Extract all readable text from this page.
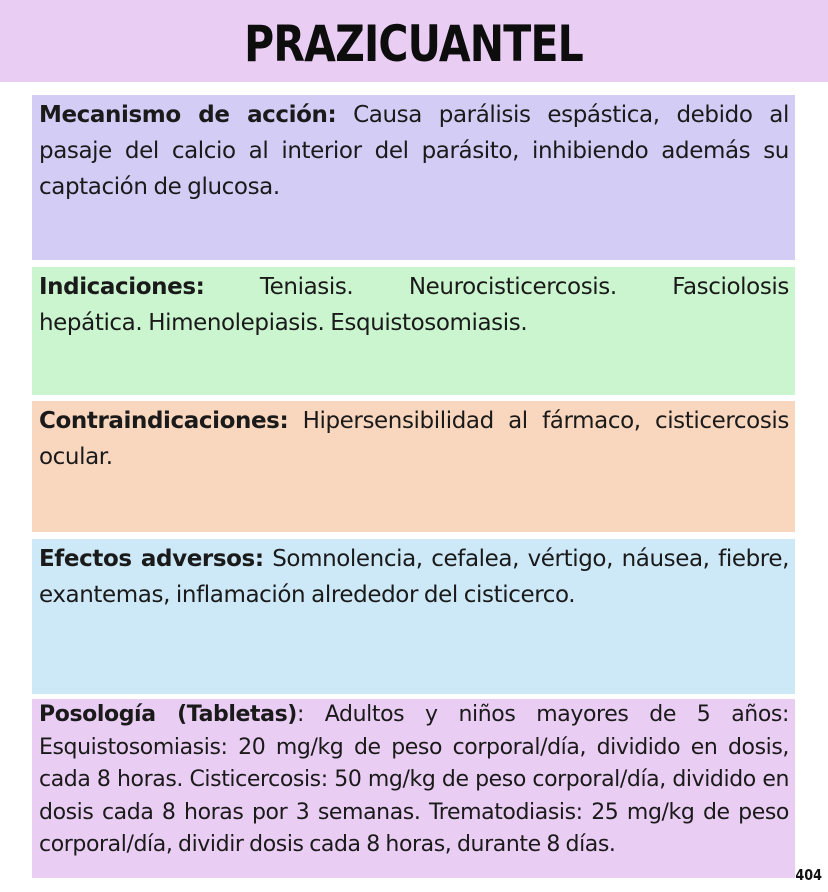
PRAZICUANTEL
Mecanismo de acción: Causa parálisis espástica, debido al pasaje del calcio al interior del parásito, inhibiendo además su captación de glucosa.
Indicaciones: Teniasis. Neurocisticercosis. Fasciolosis hepática. Himenolepiasis. Esquistosomiasis.
Contraindicaciones: Hipersensibilidad al fármaco, cisticercosis ocular.
Efectos adversos: Somnolencia, cefalea, vértigo, náusea, fiebre, exantemas, inflamación alrededor del cisticerco.
Posología (Tabletas): Adultos y niños mayores de 5 años: Esquistosomiasis: 20 mg/kg de peso corporal/día, dividido en dosis, cada 8 horas. Cisticercosis: 50 mg/kg de peso corporal/día, dividido en dosis cada 8 horas por 3 semanas. Trematodiasis: 25 mg/kg de peso corporal/día, dividir dosis cada 8 horas, durante 8 días.
404
